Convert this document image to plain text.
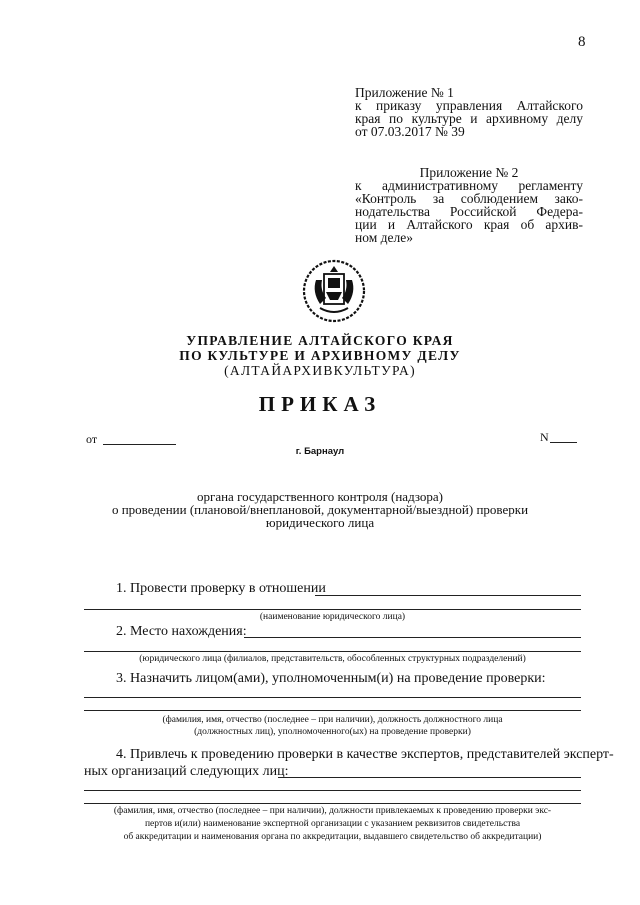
8
Приложение № 1
к приказу управления Алтайского
края по культуре и архивному делу
от 07.03.2017 № 39
Приложение № 2
к административному регламенту
«Контроль за соблюдением зако-
нодательства Российской Федера-
ции и Алтайского края об архив-
ном деле»
УПРАВЛЕНИЕ АЛТАЙСКОГО КРАЯ
ПО КУЛЬТУРЕ И АРХИВНОМУ ДЕЛУ
(АЛТАЙАРХИВКУЛЬТУРА)
ПРИКАЗ
от	N
г. Барнаул
органа государственного контроля (надзора)
о проведении (плановой/внеплановой, документарной/выездной) проверки
юридического лица
1. Провести проверку в отношении
(наименование юридического лица)
2. Место нахождения:
(юридического лица (филиалов, представительств, обособленных структурных подразделений)
3. Назначить лицом(ами), уполномоченным(и) на проведение проверки:
(фамилия, имя, отчество (последнее – при наличии), должность должностного лица
(должностных лиц), уполномоченного(ых) на проведение проверки)
4. Привлечь к проведению проверки в качестве экспертов, представителей эксперт-
ных организаций следующих лиц:
(фамилия, имя, отчество (последнее – при наличии), должности привлекаемых к проведению проверки экс-
пертов и(или) наименование экспертной организации с указанием реквизитов свидетельства
об аккредитации и наименования органа по аккредитации, выдавшего свидетельство об аккредитации)
